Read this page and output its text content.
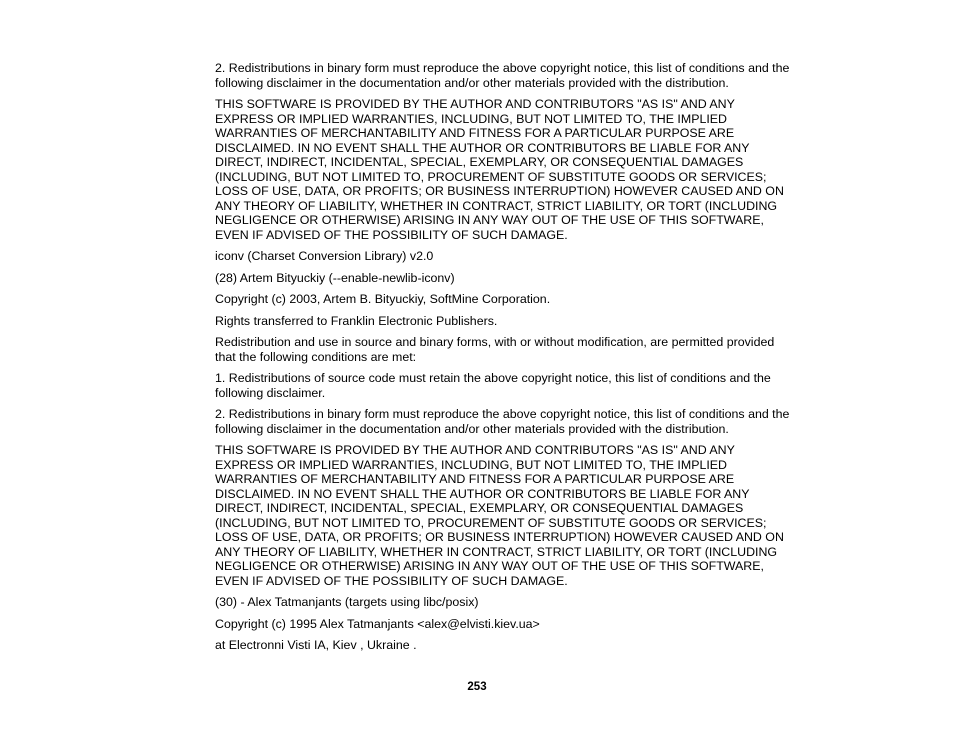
2. Redistributions in binary form must reproduce the above copyright notice, this list of conditions and the
following disclaimer in the documentation and/or other materials provided with the distribution.

THIS SOFTWARE IS PROVIDED BY THE AUTHOR AND CONTRIBUTORS "AS IS" AND ANY
EXPRESS OR IMPLIED WARRANTIES, INCLUDING, BUT NOT LIMITED TO, THE IMPLIED
WARRANTIES OF MERCHANTABILITY AND FITNESS FOR A PARTICULAR PURPOSE ARE
DISCLAIMED. IN NO EVENT SHALL THE AUTHOR OR CONTRIBUTORS BE LIABLE FOR ANY
DIRECT, INDIRECT, INCIDENTAL, SPECIAL, EXEMPLARY, OR CONSEQUENTIAL DAMAGES
(INCLUDING, BUT NOT LIMITED TO, PROCUREMENT OF SUBSTITUTE GOODS OR SERVICES;
LOSS OF USE, DATA, OR PROFITS; OR BUSINESS INTERRUPTION) HOWEVER CAUSED AND ON
ANY THEORY OF LIABILITY, WHETHER IN CONTRACT, STRICT LIABILITY, OR TORT (INCLUDING
NEGLIGENCE OR OTHERWISE) ARISING IN ANY WAY OUT OF THE USE OF THIS SOFTWARE,
EVEN IF ADVISED OF THE POSSIBILITY OF SUCH DAMAGE.

iconv (Charset Conversion Library) v2.0

(28) Artem Bityuckiy (--enable-newlib-iconv)

Copyright (c) 2003, Artem B. Bityuckiy, SoftMine Corporation.

Rights transferred to Franklin Electronic Publishers.

Redistribution and use in source and binary forms, with or without modification, are permitted provided
that the following conditions are met:

1. Redistributions of source code must retain the above copyright notice, this list of conditions and the
following disclaimer.

2. Redistributions in binary form must reproduce the above copyright notice, this list of conditions and the
following disclaimer in the documentation and/or other materials provided with the distribution.

THIS SOFTWARE IS PROVIDED BY THE AUTHOR AND CONTRIBUTORS "AS IS" AND ANY
EXPRESS OR IMPLIED WARRANTIES, INCLUDING, BUT NOT LIMITED TO, THE IMPLIED
WARRANTIES OF MERCHANTABILITY AND FITNESS FOR A PARTICULAR PURPOSE ARE
DISCLAIMED. IN NO EVENT SHALL THE AUTHOR OR CONTRIBUTORS BE LIABLE FOR ANY
DIRECT, INDIRECT, INCIDENTAL, SPECIAL, EXEMPLARY, OR CONSEQUENTIAL DAMAGES
(INCLUDING, BUT NOT LIMITED TO, PROCUREMENT OF SUBSTITUTE GOODS OR SERVICES;
LOSS OF USE, DATA, OR PROFITS; OR BUSINESS INTERRUPTION) HOWEVER CAUSED AND ON
ANY THEORY OF LIABILITY, WHETHER IN CONTRACT, STRICT LIABILITY, OR TORT (INCLUDING
NEGLIGENCE OR OTHERWISE) ARISING IN ANY WAY OUT OF THE USE OF THIS SOFTWARE,
EVEN IF ADVISED OF THE POSSIBILITY OF SUCH DAMAGE.

(30) - Alex Tatmanjants (targets using libc/posix)

Copyright (c) 1995 Alex Tatmanjants <alex@elvisti.kiev.ua>

at Electronni Visti IA, Kiev , Ukraine .

253
